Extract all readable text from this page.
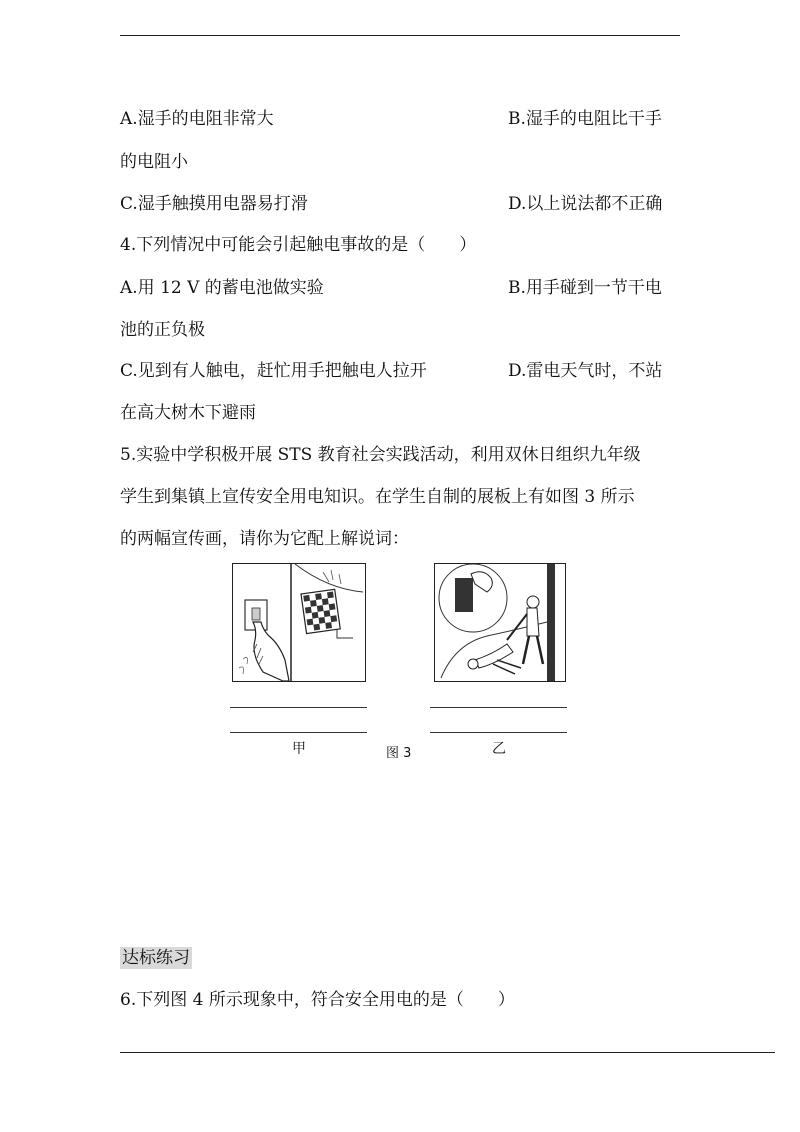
A.湿手的电阻非常大	B.湿手的电阻比干手
的电阻小
C.湿手触摸用电器易打滑	D.以上说法都不正确
4.下列情况中可能会引起触电事故的是（　　）
A.用 12 V 的蓄电池做实验	B.用手碰到一节干电
池的正负极
C.见到有人触电，赶忙用手把触电人拉开	D.雷电天气时，不站
在高大树木下避雨
5.实验中学积极开展 STS 教育社会实践活动，利用双休日组织九年级
学生到集镇上宣传安全用电知识。在学生自制的展板上有如图 3 所示
的两幅宣传画，请你为它配上解说词：
甲	图 3	乙
达标练习
6.下列图 4 所示现象中，符合安全用电的是（　　）
